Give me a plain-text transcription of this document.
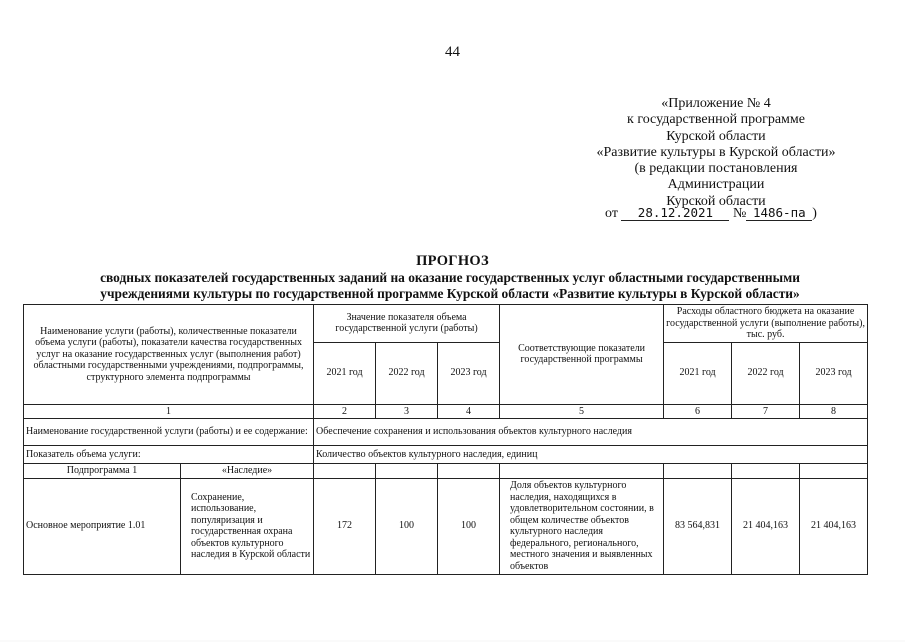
44
«Приложение № 4
к государственной программе
Курской области
«Развитие культуры в Курской области»
(в редакции постановления
Администрации
Курской области
от 28.12.2021 № 1486-па )
ПРОГНОЗ
сводных показателей государственных заданий на оказание государственных услуг областными государственными учреждениями культуры по государственной программе Курской области «Развитие культуры в Курской области»
Наименование услуги (работы), количественные показатели объема услуги (работы), показатели качества государственных услуг на оказание государственных услуг (выполнения работ) областными государственными учреждениями, подпрограммы, структурного элемента подпрограммы		Значение показателя объема государственной услуги (работы)			Соответствующие показатели государственной программы	Расходы областного бюджета на оказание государственной услуги (выполнение работы), тыс. руб.		
		2021 год	2022 год	2023 год		2021 год	2022 год	2023 год
1		2	3	4	5	6	7	8
Наименование государственной услуги (работы) и ее содержание:		Обеспечение сохранения и использования объектов культурного наследия						
Показатель объема услуги:		Количество объектов культурного наследия, единиц						
Подпрограмма 1	«Наследие»							
Основное мероприятие 1.01	Сохранение, использование, популяризация и государственная охрана объектов культурного наследия в Курской области	172	100	100	Доля объектов культурного наследия, находящихся в удовлетворительном состоянии, в общем количестве объектов культурного наследия федерального, регионального, местного значения и выявленных объектов	83 564,831	21 404,163	21 404,163
